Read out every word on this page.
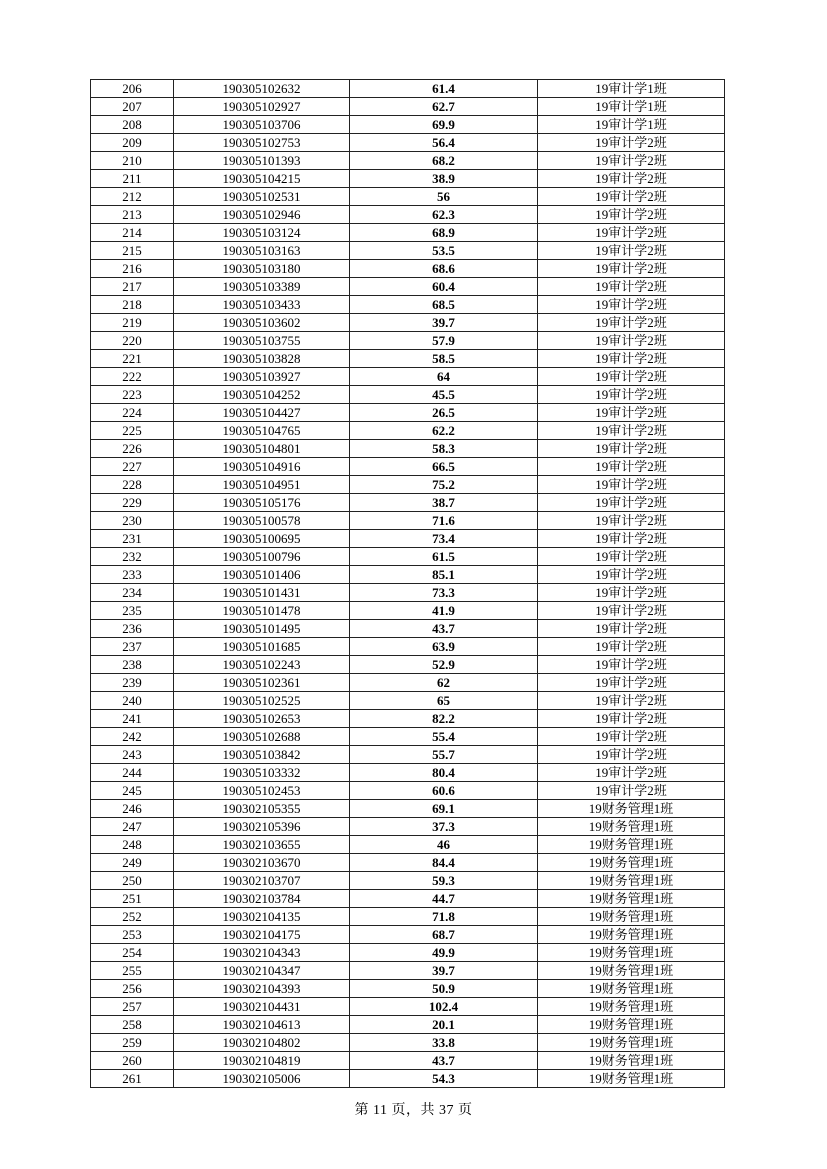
206	190305102632	61.4	19审计学1班
207	190305102927	62.7	19审计学1班
208	190305103706	69.9	19审计学1班
209	190305102753	56.4	19审计学2班
210	190305101393	68.2	19审计学2班
211	190305104215	38.9	19审计学2班
212	190305102531	56	19审计学2班
213	190305102946	62.3	19审计学2班
214	190305103124	68.9	19审计学2班
215	190305103163	53.5	19审计学2班
216	190305103180	68.6	19审计学2班
217	190305103389	60.4	19审计学2班
218	190305103433	68.5	19审计学2班
219	190305103602	39.7	19审计学2班
220	190305103755	57.9	19审计学2班
221	190305103828	58.5	19审计学2班
222	190305103927	64	19审计学2班
223	190305104252	45.5	19审计学2班
224	190305104427	26.5	19审计学2班
225	190305104765	62.2	19审计学2班
226	190305104801	58.3	19审计学2班
227	190305104916	66.5	19审计学2班
228	190305104951	75.2	19审计学2班
229	190305105176	38.7	19审计学2班
230	190305100578	71.6	19审计学2班
231	190305100695	73.4	19审计学2班
232	190305100796	61.5	19审计学2班
233	190305101406	85.1	19审计学2班
234	190305101431	73.3	19审计学2班
235	190305101478	41.9	19审计学2班
236	190305101495	43.7	19审计学2班
237	190305101685	63.9	19审计学2班
238	190305102243	52.9	19审计学2班
239	190305102361	62	19审计学2班
240	190305102525	65	19审计学2班
241	190305102653	82.2	19审计学2班
242	190305102688	55.4	19审计学2班
243	190305103842	55.7	19审计学2班
244	190305103332	80.4	19审计学2班
245	190305102453	60.6	19审计学2班
246	190302105355	69.1	19财务管理1班
247	190302105396	37.3	19财务管理1班
248	190302103655	46	19财务管理1班
249	190302103670	84.4	19财务管理1班
250	190302103707	59.3	19财务管理1班
251	190302103784	44.7	19财务管理1班
252	190302104135	71.8	19财务管理1班
253	190302104175	68.7	19财务管理1班
254	190302104343	49.9	19财务管理1班
255	190302104347	39.7	19财务管理1班
256	190302104393	50.9	19财务管理1班
257	190302104431	102.4	19财务管理1班
258	190302104613	20.1	19财务管理1班
259	190302104802	33.8	19财务管理1班
260	190302104819	43.7	19财务管理1班
261	190302105006	54.3	19财务管理1班
第 11 页，共 37 页
